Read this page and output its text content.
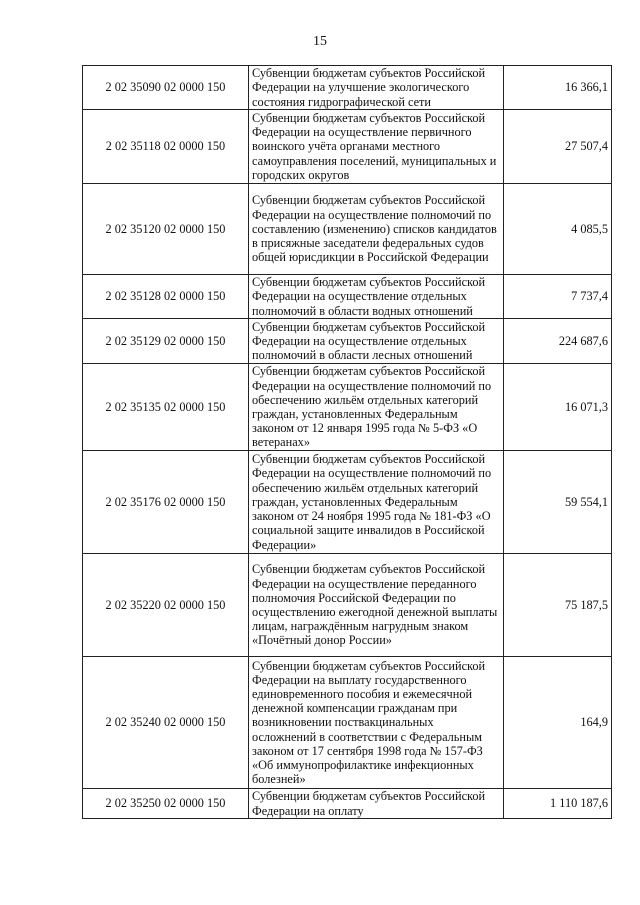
15
2 02 35090 02 0000 150	Субвенции бюджетам субъектов Российской Федерации на улучшение экологического состояния гидрографической сети	16 366,1
2 02 35118 02 0000 150	Субвенции бюджетам субъектов Российской Федерации на осуществление первичного воинского учёта органами местного самоуправления поселений, муниципальных и городских округов	27 507,4
2 02 35120 02 0000 150	Субвенции бюджетам субъектов Российской Федерации на осуществление полномочий по составлению (изменению) списков кандидатов в присяжные заседатели федеральных судов общей юрисдикции в Российской Федерации	4 085,5
2 02 35128 02 0000 150	Субвенции бюджетам субъектов Российской Федерации на осуществление отдельных полномочий в области водных отношений	7 737,4
2 02 35129 02 0000 150	Субвенции бюджетам субъектов Российской Федерации на осуществление отдельных полномочий в области лесных отношений	224 687,6
2 02 35135 02 0000 150	Субвенции бюджетам субъектов Российской Федерации на осуществление полномочий по обеспечению жильём отдельных категорий граждан, установленных Федеральным законом от 12 января 1995 года № 5-ФЗ «О ветеранах»	16 071,3
2 02 35176 02 0000 150	Субвенции бюджетам субъектов Российской Федерации на осуществление полномочий по обеспечению жильём отдельных категорий граждан, установленных Федеральным законом от 24 ноября 1995 года № 181-ФЗ «О социальной защите инвалидов в Российской Федерации»	59 554,1
2 02 35220 02 0000 150	Субвенции бюджетам субъектов Российской Федерации на осуществление переданного полномочия Российской Федерации по осуществлению ежегодной денежной выплаты лицам, награждённым нагрудным знаком «Почётный донор России»	75 187,5
2 02 35240 02 0000 150	Субвенции бюджетам субъектов Российской Федерации на выплату государственного единовременного пособия и ежемесячной денежной компенсации гражданам при возникновении поствакцинальных осложнений в соответствии с Федеральным законом от 17 сентября 1998 года № 157-ФЗ «Об иммунопрофилактике инфекционных болезней»	164,9
2 02 35250 02 0000 150	Субвенции бюджетам субъектов Российской Федерации на оплату	1 110 187,6
